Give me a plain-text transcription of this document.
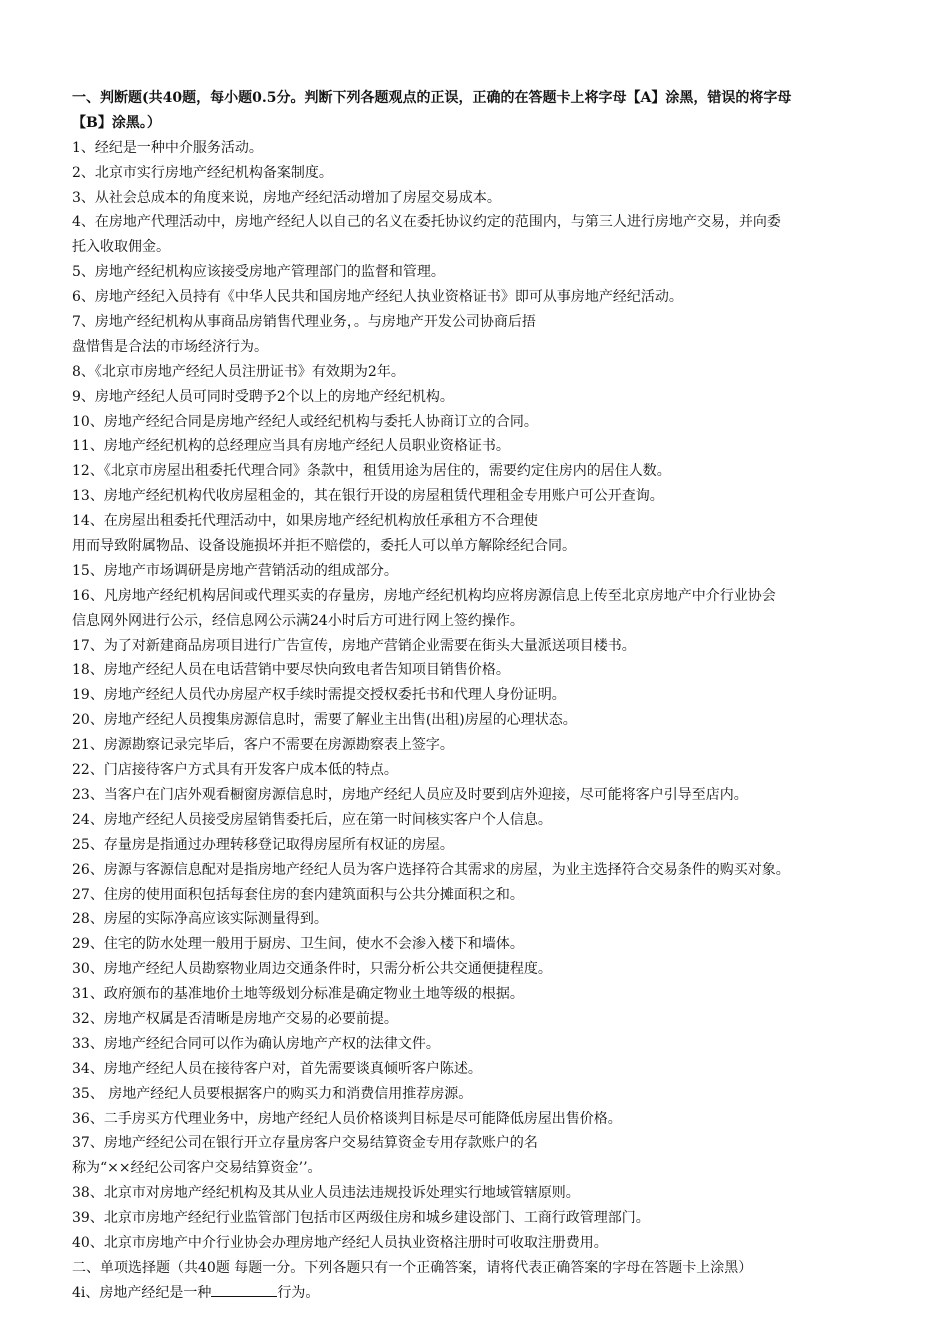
一、判断题(共40题，每小题0.5分。判断下列各题观点的正误，正确的在答题卡上将字母【A】涂黑，错误的将字母
【B】涂黑。）
1、经纪是一种中介服务活动。
2、北京市实行房地产经纪机构备案制度。
3、从社会总成本的角度来说，房地产经纪活动增加了房屋交易成本。
4、在房地产代理活动中，房地产经纪人以自己的名义在委托协议约定的范围内，与第三人进行房地产交易，并向委
托入收取佣金。
5、房地产经纪机构应该接受房地产管理部门的监督和管理。
6、房地产经纪入员持有《中华人民共和国房地产经纪人执业资格证书》即可从事房地产经纪活动。
7、房地产经纪机构从事商品房销售代理业务，。与房地产开发公司协商后捂
盘惜售是合法的市场经济行为。
8、《北京市房地产经纪人员注册证书》有效期为2年。
9、房地产经纪人员可同时受聘予2个以上的房地产经纪机构。
10、房地产经纪合同是房地产经纪人或经纪机构与委托人协商订立的合同。
11、房地产经纪机构的总经理应当具有房地产经纪人员职业资格证书。
12、《北京市房屋出租委托代理合同》条款中，租赁用途为居住的，需要约定住房内的居住人数。
13、房地产经纪机构代收房屋租金的，其在银行开设的房屋租赁代理租金专用账户可公开查询。
14、在房屋出租委托代理活动中，如果房地产经纪机构放任承租方不合理使
用而导致附属物品、设备设施损坏并拒不赔偿的，委托人可以单方解除经纪合同。
15、房地产市场调研是房地产营销活动的组成部分。
16、凡房地产经纪机构居间或代理买卖的存量房，房地产经纪机构均应将房源信息上传至北京房地产中介行业协会
信息网外网进行公示，经信息网公示满24小时后方可进行网上签约操作。
17、为了对新建商品房项目进行广告宣传，房地产营销企业需要在街头大量派送项目楼书。
18、房地产经纪人员在电话营销中要尽快向致电者告知项目销售价格。
19、房地产经纪人员代办房屋产权手续时需提交授权委托书和代理人身份证明。
20、房地产经纪人员搜集房源信息时，需要了解业主出售(出租)房屋的心理状态。
21、房源勘察记录完毕后，客户不需要在房源勘察表上签字。
22、门店接待客户方式具有开发客户成本低的特点。
23、当客户在门店外观看橱窗房源信息时，房地产经纪人员应及时要到店外迎接，尽可能将客户引导至店内。
24、房地产经纪人员接受房屋销售委托后，应在第一时间核实客户个人信息。
25、存量房是指通过办理转移登记取得房屋所有权证的房屋。
26、房源与客源信息配对是指房地产经纪人员为客户选择符合其需求的房屋，为业主选择符合交易条件的购买对象。
27、住房的使用面积包括每套住房的套内建筑面积与公共分摊面积之和。
28、房屋的实际净高应该实际测量得到。
29、住宅的防水处理一般用于厨房、卫生间，使水不会渗入楼下和墙体。
30、房地产经纪人员勘察物业周边交通条件时，只需分析公共交通便捷程度。
31、政府颁布的基准地价土地等级划分标准是确定物业土地等级的根据。
32、房地产权属是否清晰是房地产交易的必要前提。
33、房地产经纪合同可以作为确认房地产产权的法律文件。
34、房地产经纪人员在接待客户对，首先需要谈真倾听客户陈述。
35、 房地产经纪人员要根据客户的购买力和消费信用推荐房源。
36、二手房买方代理业务中，房地产经纪人员价格谈判目标是尽可能降低房屋出售价格。
37、房地产经纪公司在银行开立存量房客户交易结算资金专用存款账户的名
称为“××经纪公司客户交易结算资金’’。
38、北京市对房地产经纪机构及其从业人员违法违规投诉处理实行地域管辖原则。
39、北京市房地产经纪行业监管部门包括市区两级住房和城乡建设部门、工商行政管理部门。
40、北京市房地产中介行业协会办理房地产经纪人员执业资格注册时可收取注册费用。
二、单项选择题（共40题 每题一分。下列各题只有一个正确答案，请将代表正确答案的字母在答题卡上涂黑）
4i、房地产经纪是一种	行为。
